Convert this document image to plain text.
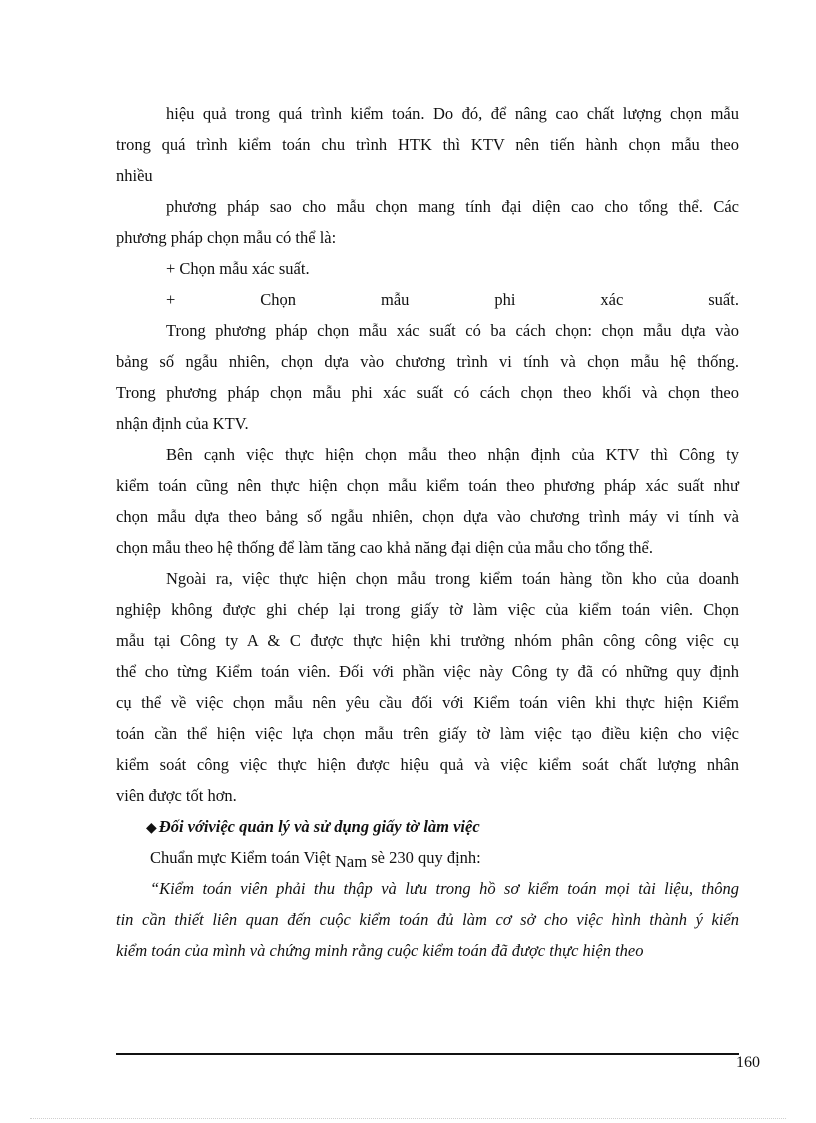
hiệu quả trong quá trình kiểm toán. Do đó, để nâng cao chất lượng chọn mẫu
trong quá trình kiểm toán chu trình HTK thì KTV nên tiến hành chọn mẫu theo
nhiều
phương pháp sao cho mẫu chọn mang tính đại diện cao cho tổng thể. Các
phương pháp chọn mẫu có thể là:
+ Chọn mẫu xác suất.
+	Chọn	mẫu	phi	xác	suất.
Trong phương pháp chọn mẫu xác suất có ba cách chọn: chọn mẫu dựa vào
bảng số ngẫu nhiên, chọn dựa vào chương trình vi tính và chọn mẫu hệ thống.
Trong phương pháp chọn mẫu phi xác suất có cách chọn theo khối và chọn theo
nhận định của KTV.
Bên cạnh việc thực hiện chọn mẫu theo nhận định của KTV thì Công ty
kiểm toán cũng nên thực hiện chọn mẫu kiểm toán theo phương pháp xác suất như
chọn mẫu dựa theo bảng số ngẫu nhiên, chọn dựa vào chương trình máy vi tính và
chọn mẫu theo hệ thống để làm tăng cao khả năng đại diện của mẫu cho tổng thể.
Ngoài ra, việc thực hiện chọn mẫu trong kiểm toán hàng tồn kho của doanh
nghiệp không được ghi chép lại trong giấy tờ làm việc của kiểm toán viên. Chọn
mẫu tại Công ty A & C được thực hiện khi trưởng nhóm phân công công việc cụ
thể cho từng Kiểm toán viên. Đối với phần việc này Công ty đã có những quy định
cụ thể về việc chọn mẫu nên yêu cầu đối với Kiểm toán viên khi thực hiện Kiểm
toán cần thể hiện việc lựa chọn mẫu trên giấy tờ làm việc tạo điều kiện cho việc
kiểm soát công việc thực hiện được hiệu quả và việc kiểm soát chất lượng nhân
viên được tốt hơn.
◆ Đối vớiviệc quản lý và sử dụng giấy tờ làm việc
Chuẩn mực Kiểm toán Việt Nam sè 230 quy định:
“Kiểm toán viên phải thu thập và lưu trong hồ sơ kiểm toán mọi tài liệu, thông
tin cần thiết liên quan đến cuộc kiểm toán đủ làm cơ sở cho việc hình thành ý kiến
kiểm toán của mình và chứng minh rằng cuộc kiểm toán đã được thực hiện theo
160
